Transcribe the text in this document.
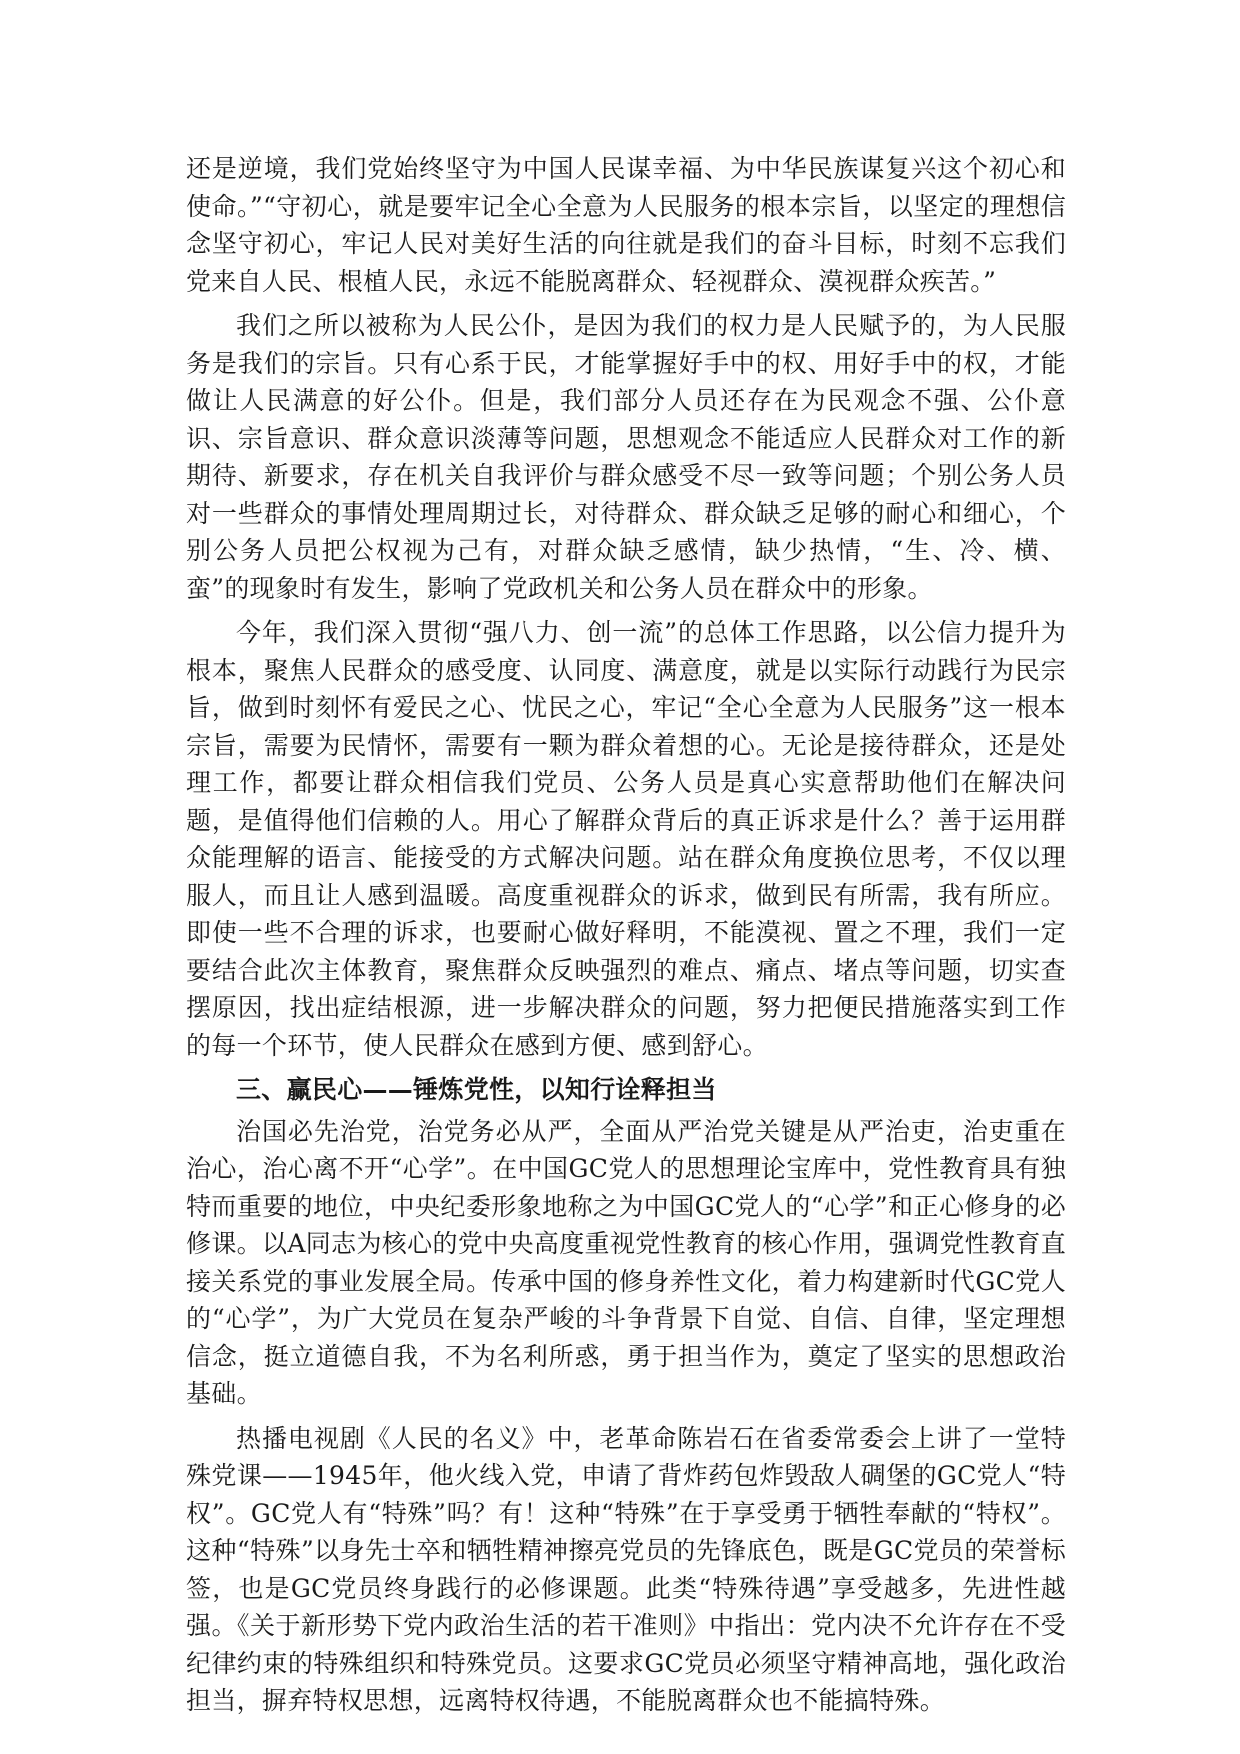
还是逆境，我们党始终坚守为中国人民谋幸福、为中华民族谋复兴这个初心和使命。”“守初心，就是要牢记全心全意为人民服务的根本宗旨，以坚定的理想信念坚守初心，牢记人民对美好生活的向往就是我们的奋斗目标，时刻不忘我们党来自人民、根植人民，永远不能脱离群众、轻视群众、漠视群众疾苦。”

我们之所以被称为人民公仆，是因为我们的权力是人民赋予的，为人民服务是我们的宗旨。只有心系于民，才能掌握好手中的权、用好手中的权，才能做让人民满意的好公仆。但是，我们部分人员还存在为民观念不强、公仆意识、宗旨意识、群众意识淡薄等问题，思想观念不能适应人民群众对工作的新期待、新要求，存在机关自我评价与群众感受不尽一致等问题；个别公务人员对一些群众的事情处理周期过长，对待群众、群众缺乏足够的耐心和细心，个别公务人员把公权视为己有，对群众缺乏感情，缺少热情，“生、冷、横、蛮”的现象时有发生，影响了党政机关和公务人员在群众中的形象。

今年，我们深入贯彻“强八力、创一流”的总体工作思路，以公信力提升为根本，聚焦人民群众的感受度、认同度、满意度，就是以实际行动践行为民宗旨，做到时刻怀有爱民之心、忧民之心，牢记“全心全意为人民服务”这一根本宗旨，需要为民情怀，需要有一颗为群众着想的心。无论是接待群众，还是处理工作，都要让群众相信我们党员、公务人员是真心实意帮助他们在解决问题，是值得他们信赖的人。用心了解群众背后的真正诉求是什么？善于运用群众能理解的语言、能接受的方式解决问题。站在群众角度换位思考，不仅以理服人，而且让人感到温暖。高度重视群众的诉求，做到民有所需，我有所应。即使一些不合理的诉求，也要耐心做好释明，不能漠视、置之不理，我们一定要结合此次主体教育，聚焦群众反映强烈的难点、痛点、堵点等问题，切实查摆原因，找出症结根源，进一步解决群众的问题，努力把便民措施落实到工作的每一个环节，使人民群众在感到方便、感到舒心。

三、赢民心——锤炼党性，以知行诠释担当

治国必先治党，治党务必从严，全面从严治党关键是从严治吏，治吏重在治心，治心离不开“心学”。在中国GC党人的思想理论宝库中，党性教育具有独特而重要的地位，中央纪委形象地称之为中国GC党人的“心学”和正心修身的必修课。以A同志为核心的党中央高度重视党性教育的核心作用，强调党性教育直接关系党的事业发展全局。传承中国的修身养性文化，着力构建新时代GC党人的“心学”，为广大党员在复杂严峻的斗争背景下自觉、自信、自律，坚定理想信念，挺立道德自我，不为名利所惑，勇于担当作为，奠定了坚实的思想政治基础。

热播电视剧《人民的名义》中，老革命陈岩石在省委常委会上讲了一堂特殊党课——1945年，他火线入党，申请了背炸药包炸毁敌人碉堡的GC党人“特权”。GC党人有“特殊”吗？有！这种“特殊”在于享受勇于牺牲奉献的“特权”。这种“特殊”以身先士卒和牺牲精神擦亮党员的先锋底色，既是GC党员的荣誉标签，也是GC党员终身践行的必修课题。此类“特殊待遇”享受越多，先进性越强。《关于新形势下党内政治生活的若干准则》中指出：党内决不允许存在不受纪律约束的特殊组织和特殊党员。这要求GC党员必须坚守精神高地，强化政治担当，摒弃特权思想，远离特权待遇，不能脱离群众也不能搞特殊。
